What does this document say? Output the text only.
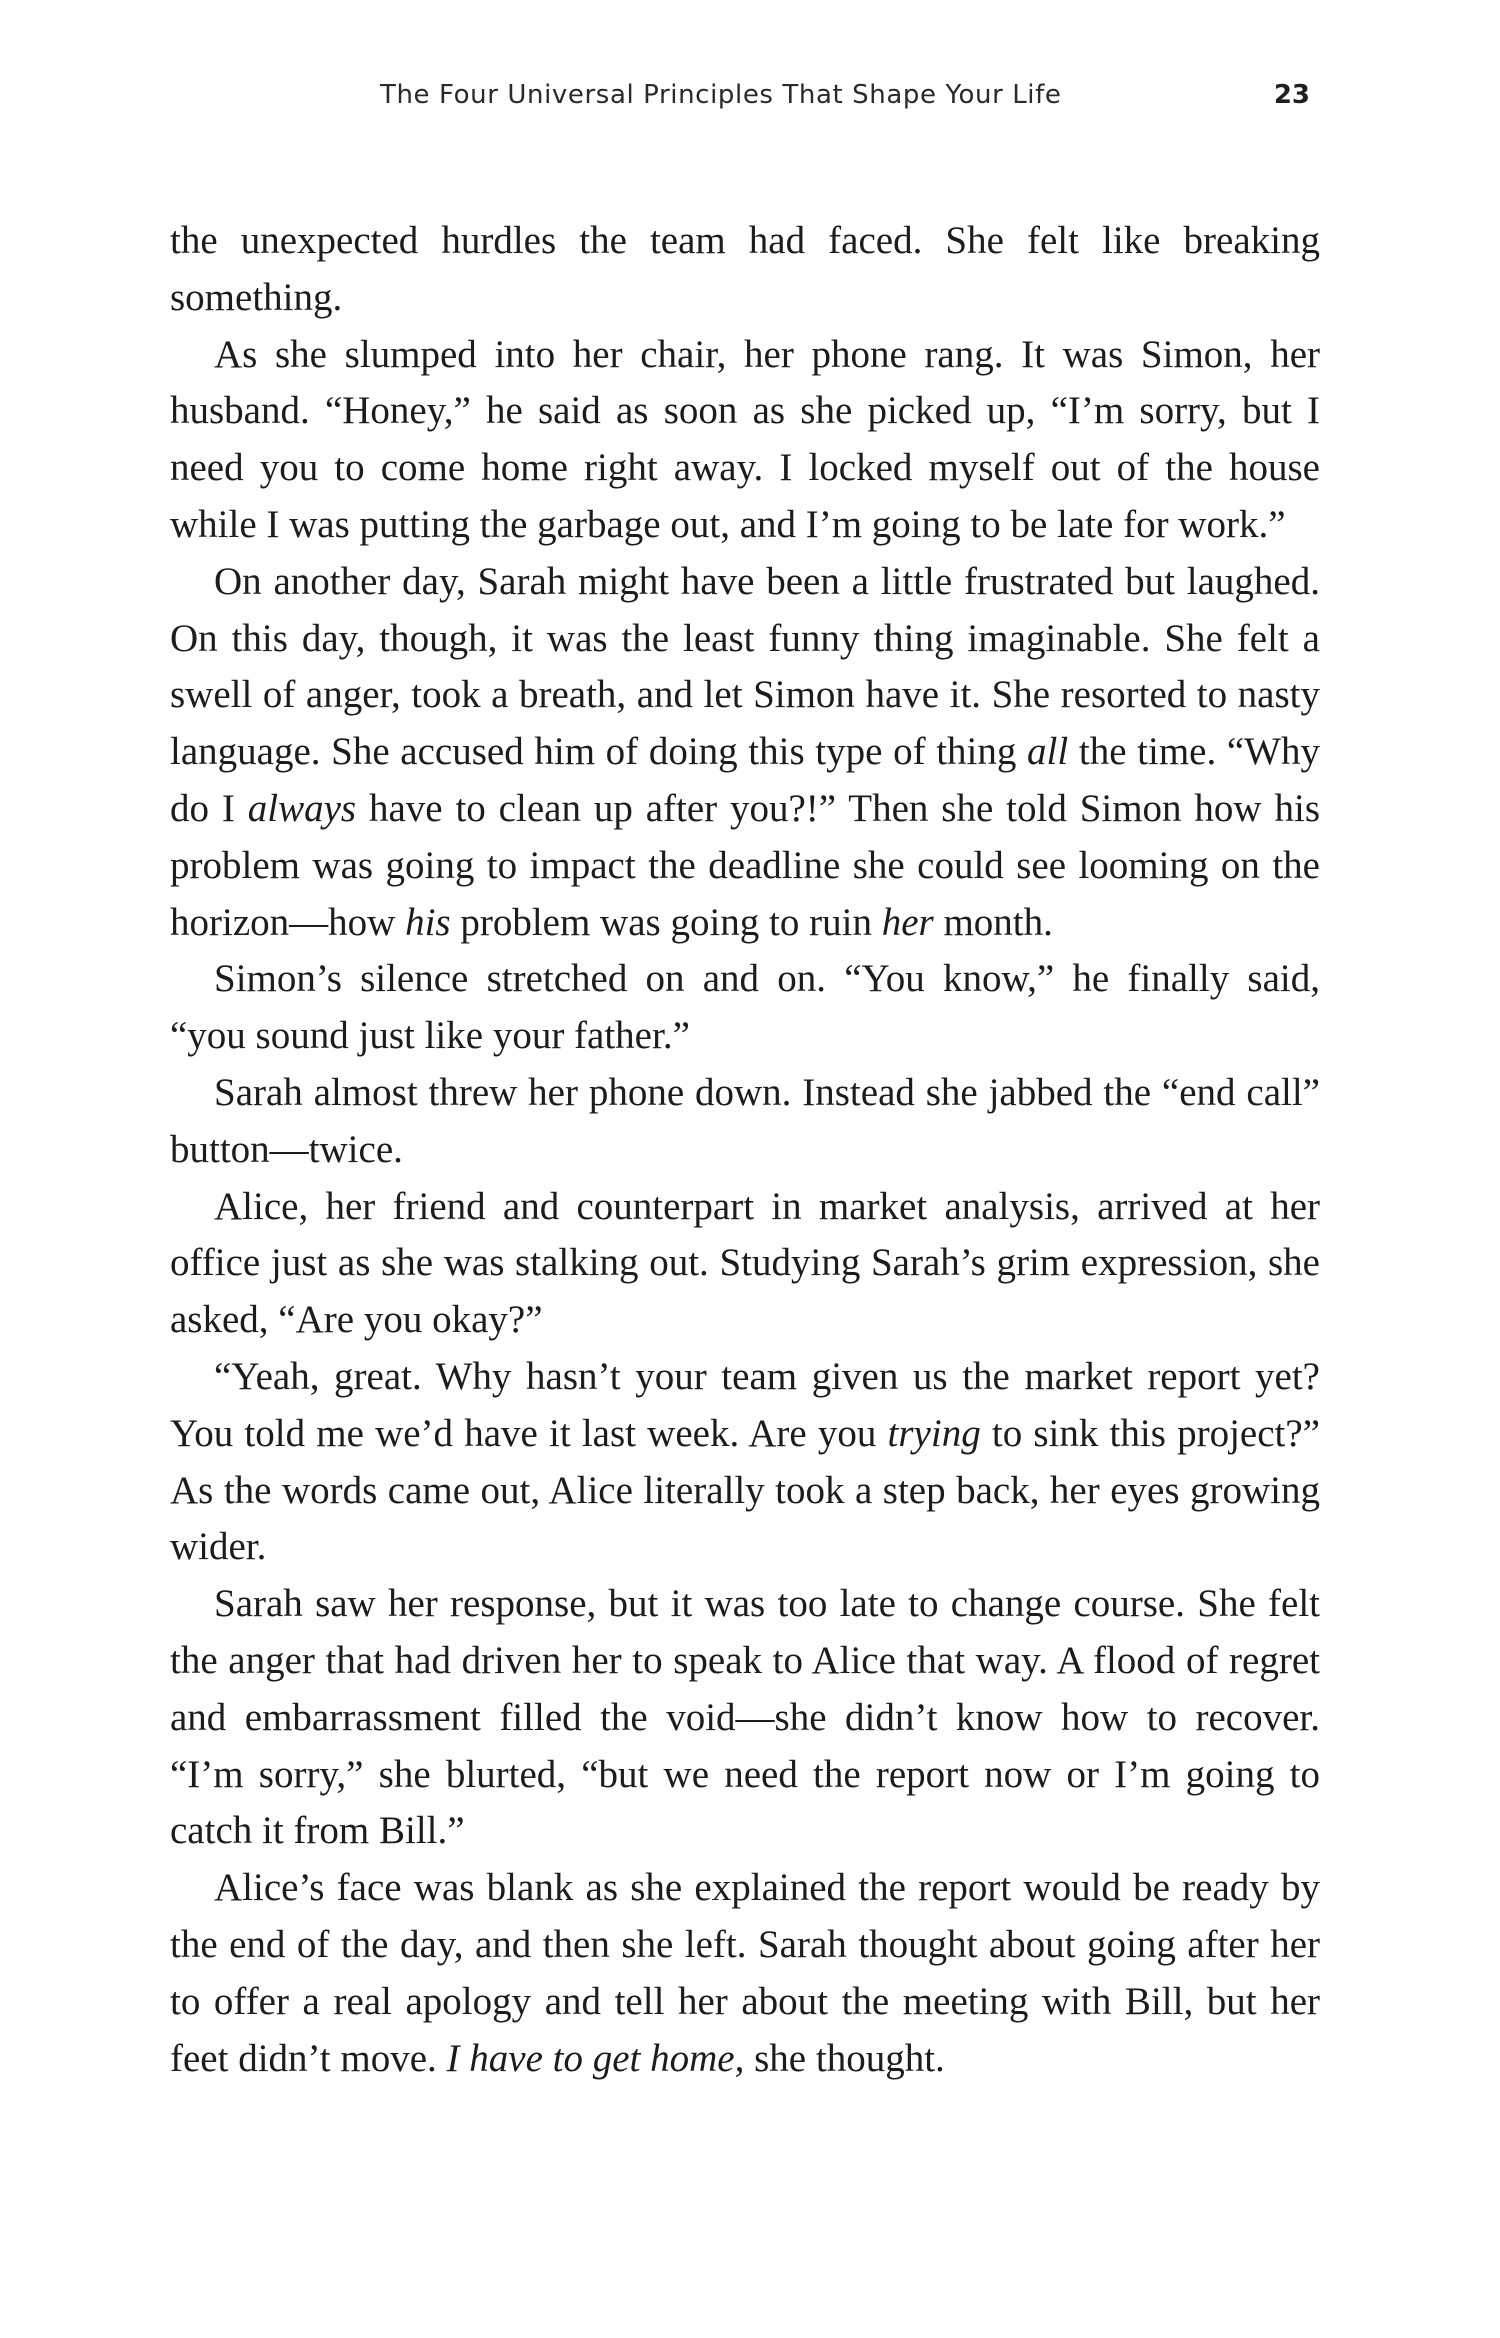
The Four Universal Principles That Shape Your Life	23

the unexpected hurdles the team had faced. She felt like breaking something.

As she slumped into her chair, her phone rang. It was Simon, her husband. “Honey,” he said as soon as she picked up, “I’m sorry, but I need you to come home right away. I locked myself out of the house while I was putting the garbage out, and I’m going to be late for work.”

On another day, Sarah might have been a little frustrated but laughed. On this day, though, it was the least funny thing imaginable. She felt a swell of anger, took a breath, and let Simon have it. She resorted to nasty language. She accused him of doing this type of thing all the time. “Why do I always have to clean up after you?!” Then she told Simon how his problem was going to impact the deadline she could see looming on the horizon—how his problem was going to ruin her month.

Simon’s silence stretched on and on. “You know,” he finally said, “you sound just like your father.”

Sarah almost threw her phone down. Instead she jabbed the “end call” button—twice.

Alice, her friend and counterpart in market analysis, arrived at her office just as she was stalking out. Studying Sarah’s grim expression, she asked, “Are you okay?”

“Yeah, great. Why hasn’t your team given us the market report yet? You told me we’d have it last week. Are you trying to sink this project?” As the words came out, Alice literally took a step back, her eyes growing wider.

Sarah saw her response, but it was too late to change course. She felt the anger that had driven her to speak to Alice that way. A flood of regret and embarrassment filled the void—she didn’t know how to recover. “I’m sorry,” she blurted, “but we need the report now or I’m going to catch it from Bill.”

Alice’s face was blank as she explained the report would be ready by the end of the day, and then she left. Sarah thought about going after her to offer a real apology and tell her about the meeting with Bill, but her feet didn’t move. I have to get home, she thought.
